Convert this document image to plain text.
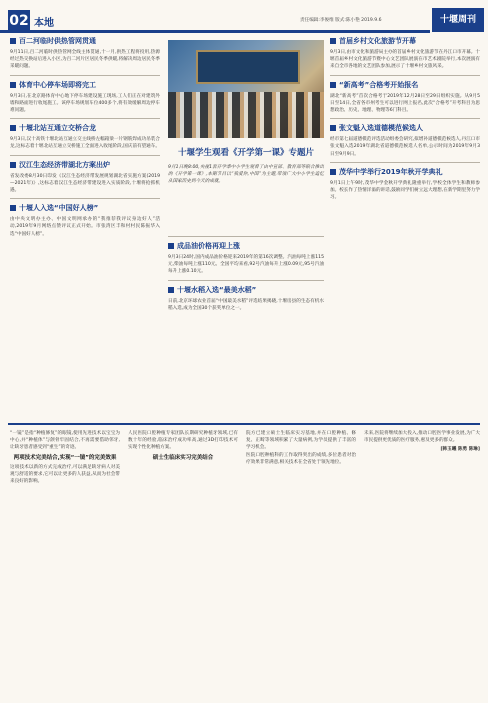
02 本地	责任编辑:李俊维 版式:陈小艳 2019.9.6	十堰周刊
百二河临时供热管网贯通

9月11日,百二河临时供热管网全线主体贯通,十一月,供热工程将投用,热源经过热交换站后进入小区,为百二河片区居民冬季供暖,将解决周边居民冬季采暖问题。

体育中心停车场即将完工

9月3日,在北京路体育中心地下停车场建设施工现场,工人们正在对建筑外墙和路面进行收尾施工。该停车场规划车位400多个,将有效缓解周边停车难问题。

十堰北站互通立交桥合龙

9月3日,汉十高铁十堰北站互通立交主线桥左幅箱梁一片钢筋焊成功吊装合龙,这标志着十堰北站互通立交桥施工全面进入收尾阶段,国庆前有望通车。

汉江生态经济带湖北方案出炉

省发改委8月30日印发《汉江生态经济带发展规划湖北省实施方案(2019—2021年)》,这标志着汉江生态经济带建设进入实质阶段,十堰将抢抓机遇。

十堰人入选“中国好人榜”

由中央文明办主办、中国文明网承办的“我推荐我评议身边好人”活动,2019年9月网络点赞评议正式开始。市张湾区丰和村村民陈振华入选“中国好人榜”。

十堰学生观看《开学第一课》专题片

9月1日晚8:00,央视1套开学季中小学生观看了由中宣部、教育部等联合推出的《开学第一课》,本期节目以“我爱你,中国”为主题,带领广大中小学生追忆从国家历史到今天的成就。

成品油价格再迎上涨

9月3日24时,国内成品油价格迎来2019年的第16次调整。汽油每吨上涨115元,柴油每吨上涨110元。全国平均来看,92号汽油每升上涨0.09元,95号汽油每升上涨0.10元。

十堰水稻入选“最美水稻”

日前,北京环球农业首届“中国最美水稻”评选结果揭晓,十堰房县的生态有机水稻入选,成为全国30个获奖单位之一。

首届乡村文化旅游节开幕

9月3日,由市文化和旅游局主办的首届乡村文化旅游节在丹江口市开幕。十堰首届乡村文化旅游节暨中心文艺团队展演在市艺术剧院举行,本次展演有来自全市各地的文艺团队参加,展示了十堰乡村文旅风采。

“新高考”合格考开始报名

湖北“新高考”首次合格考于2019年12月28日至29日组织实施。从9月5日至14日,全省各市州考生可以进行网上报名,此次“合格考”开考科目为思想政治、历史、地理、物理等6门科目。

张文魁入选道德模范候选人

经市第七届道德模范评选活动组委会研究,拟增补道德模范候选人,丹江口市张文魁入选2019年湖北省道德模范候选人名单,公示时间为2019年9月3日至9月9日。

茂华中学举行2019年秋开学典礼

9月1日上午9时,茂华中学金秋开学典礼隆重举行,学校全体学生和教师参加。校长作了热情洋溢的讲话,鼓励同学们树立远大理想,在新学期里努力学习。

“一镜”是指“种植修复”的眼镜,使用先进技术以宝宝为中心,并“种植体”与颌骨牢固结合,不再需要借助邻牙,让缺牙患者感受到“重生”的奇迹。

两项技术完美结合,实现“一镜”的完美效果

这项技术以新的方式完成治疗,可以满足缺牙病人对美观与舒适的要求,它可以让更多的人获益,从而为社会带来良好的影响。

人民医院口腔种植专家团队长期研究种植牙领域,已有数十年的经验,临床治疗成功率高,通过3D打印技术可实现个性化种植方案。

硕士生临床实习完美结合

院方已建立硕士生临床实习基地,并在口腔种植、修复、正畸等领域积累了大量病例,为学员提供了丰富的学习机会。

医院口腔种植科的工作取得突出的成绩,多位患者对治疗效果非常满意,相关技术在全省处于领先地位。

未来,医院将继续加大投入,推动口腔医学事业发展,为广大市民提供更优质的医疗服务,惠及更多的群众。

[韩玉曦 陈勇 陈琳]
